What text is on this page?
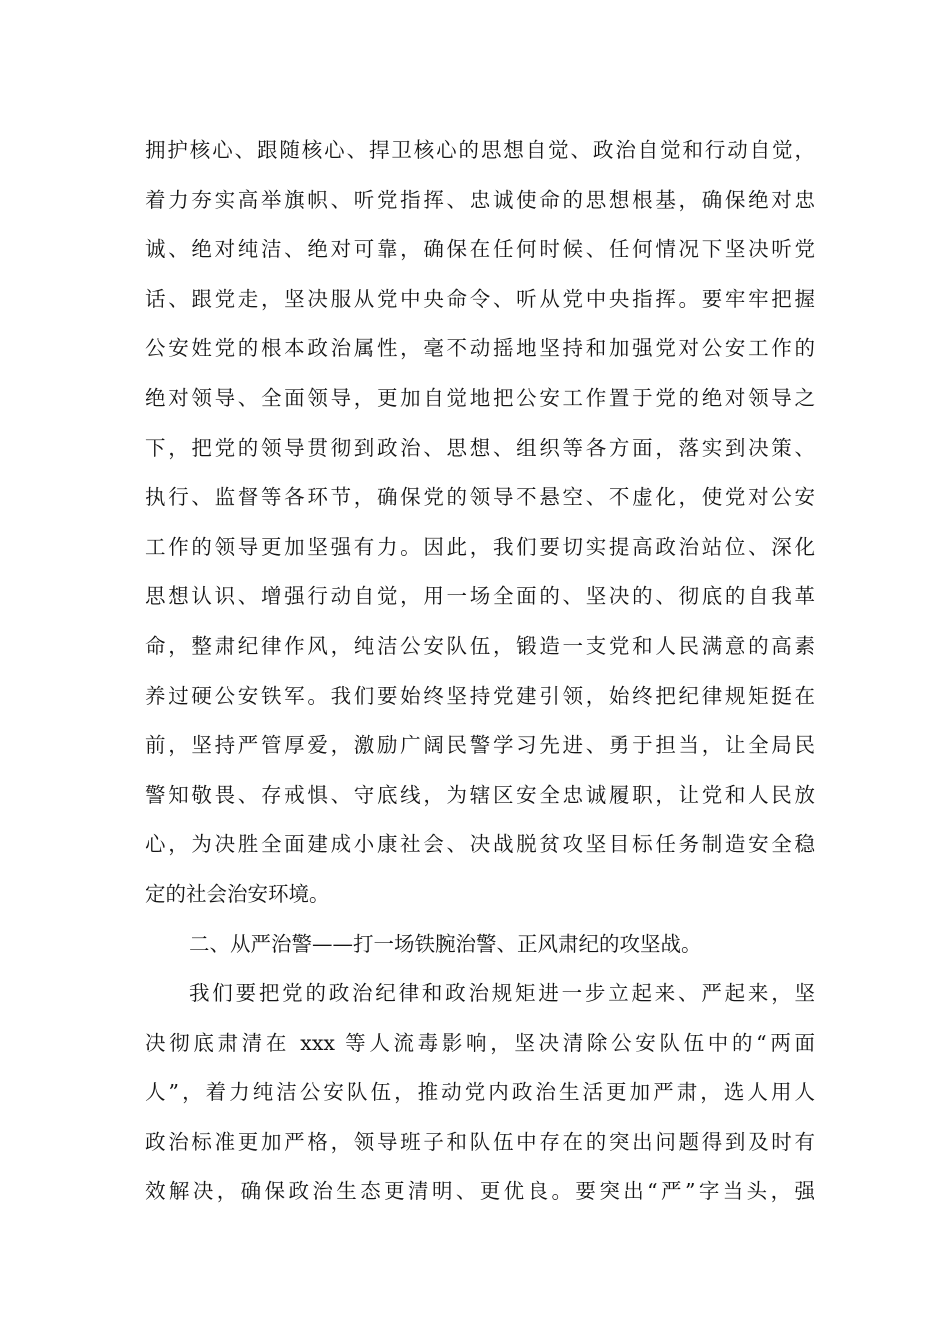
拥护核心、跟随核心、捍卫核心的思想自觉、政治自觉和行动自觉，
着力夯实高举旗帜、听党指挥、忠诚使命的思想根基，确保绝对忠
诚、绝对纯洁、绝对可靠，确保在任何时候、任何情况下坚决听党
话、跟党走，坚决服从党中央命令、听从党中央指挥。要牢牢把握
公安姓党的根本政治属性，毫不动摇地坚持和加强党对公安工作的
绝对领导、全面领导，更加自觉地把公安工作置于党的绝对领导之
下，把党的领导贯彻到政治、思想、组织等各方面，落实到决策、
执行、监督等各环节，确保党的领导不悬空、不虚化，使党对公安
工作的领导更加坚强有力。因此，我们要切实提高政治站位、深化
思想认识、增强行动自觉，用一场全面的、坚决的、彻底的自我革
命，整肃纪律作风，纯洁公安队伍，锻造一支党和人民满意的高素
养过硬公安铁军。我们要始终坚持党建引领，始终把纪律规矩挺在
前，坚持严管厚爱，激励广阔民警学习先进、勇于担当，让全局民
警知敬畏、存戒惧、守底线，为辖区安全忠诚履职，让党和人民放
心，为决胜全面建成小康社会、决战脱贫攻坚目标任务制造安全稳
定的社会治安环境。
二、从严治警——打一场铁腕治警、正风肃纪的攻坚战。
我们要把党的政治纪律和政治规矩进一步立起来、严起来，坚
决彻底肃清在 xxx 等人流毒影响，坚决清除公安队伍中的“两面
人”，着力纯洁公安队伍，推动党内政治生活更加严肃，选人用人
政治标准更加严格，领导班子和队伍中存在的突出问题得到及时有
效解决，确保政治生态更清明、更优良。要突出“严”字当头，强
